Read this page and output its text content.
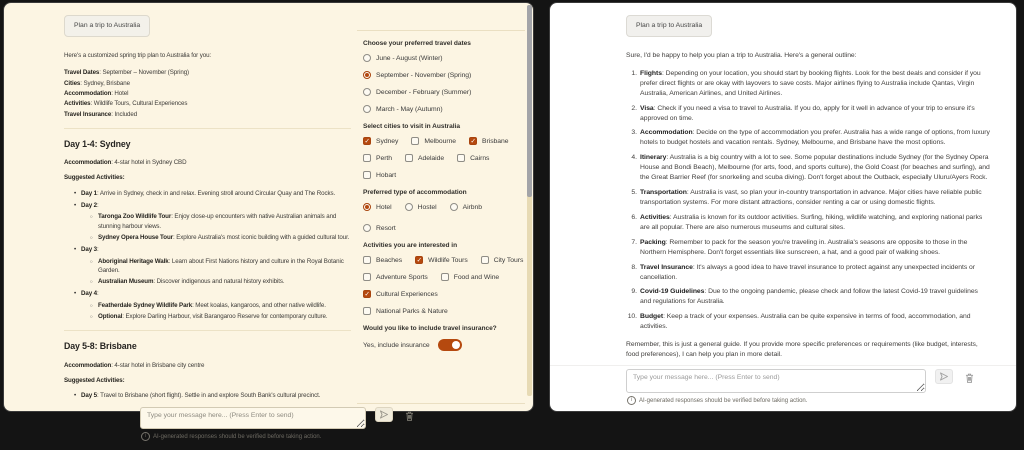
Plan a trip to Australia

Here's a customized spring trip plan to Australia for you:

Travel Dates: September – November (Spring)
Cities: Sydney, Brisbane
Accommodation: Hotel
Activities: Wildlife Tours, Cultural Experiences
Travel Insurance: Included
Day 1-4: Sydney

Accommodation: 4-star hotel in Sydney CBD

Suggested Activities:

• Day 1: Arrive in Sydney, check in and relax. Evening stroll around Circular Quay and The Rocks.
• Day 2:
○ Taronga Zoo Wildlife Tour: Enjoy close-up encounters with native Australian animals and stunning harbour views.
○ Sydney Opera House Tour: Explore Australia's most iconic building with a guided cultural tour.
• Day 3:
○ Aboriginal Heritage Walk: Learn about First Nations history and culture in the Royal Botanic Garden.
○ Australian Museum: Discover indigenous and natural history exhibits.
• Day 4:
○ Featherdale Sydney Wildlife Park: Meet koalas, kangaroos, and other native wildlife.
○ Optional: Explore Darling Harbour, visit Barangaroo Reserve for contemporary culture.
Day 5-8: Brisbane

Accommodation: 4-star hotel in Brisbane city centre

Suggested Activities:

• Day 5: Travel to Brisbane (short flight). Settle in and explore South Bank's cultural precinct.
Choose your preferred travel dates
June - August (Winter)
September - November (Spring)
December - February (Summer)
March - May (Autumn)
Select cities to visit in Australia
✓
Sydney	Melbourne ✓	Brisbane
Perth	Adelaide	Cairns
Hobart
Preferred type of accommodation
Hotel	Hostel	Airbnb
Resort
Activities you are interested in
Beaches ✓	Wildlife Tours	City Tours
Adventure Sports	Food and Wine
✓
Cultural Experiences
National Parks & Nature
Would you like to include travel insurance?
Yes, include insurance
Type your message here... (Press Enter to send)
i	AI-generated responses should be verified before taking action.
Plan a trip to Australia

Sure, I'd be happy to help you plan a trip to Australia. Here's a general outline:

Flights: Depending on your location, you should start by booking flights. Look for the best deals and consider if you prefer direct flights or are okay with layovers to save costs. Major airlines flying to Australia include Qantas, Virgin Australia, American Airlines, and United Airlines.
Visa: Check if you need a visa to travel to Australia. If you do, apply for it well in advance of your trip to ensure it's approved on time.
Accommodation: Decide on the type of accommodation you prefer. Australia has a wide range of options, from luxury hotels to budget hostels and vacation rentals. Sydney, Melbourne, and Brisbane have the most options.
Itinerary: Australia is a big country with a lot to see. Some popular destinations include Sydney (for the Sydney Opera House and Bondi Beach), Melbourne (for arts, food, and sports culture), the Gold Coast (for beaches and surfing), and the Great Barrier Reef (for snorkeling and scuba diving). Don't forget about the Outback, especially Uluru/Ayers Rock.
Transportation: Australia is vast, so plan your in-country transportation in advance. Major cities have reliable public transportation systems. For more distant attractions, consider renting a car or using domestic flights.
Activities: Australia is known for its outdoor activities. Surfing, hiking, wildlife watching, and exploring national parks are all popular. There are also numerous museums and cultural sites.
Packing: Remember to pack for the season you're traveling in. Australia's seasons are opposite to those in the Northern Hemisphere. Don't forget essentials like sunscreen, a hat, and a good pair of walking shoes.
Travel Insurance: It's always a good idea to have travel insurance to protect against any unexpected incidents or cancellation.
Covid-19 Guidelines: Due to the ongoing pandemic, please check and follow the latest Covid-19 travel guidelines and regulations for Australia.
Budget: Keep a track of your expenses. Australia can be quite expensive in terms of food, accommodation, and activities.

Remember, this is just a general guide. If you provide more specific preferences or requirements (like budget, interests, food preferences), I can help you plan in more detail.

Type your message here... (Press Enter to send)
i	AI-generated responses should be verified before taking action.
